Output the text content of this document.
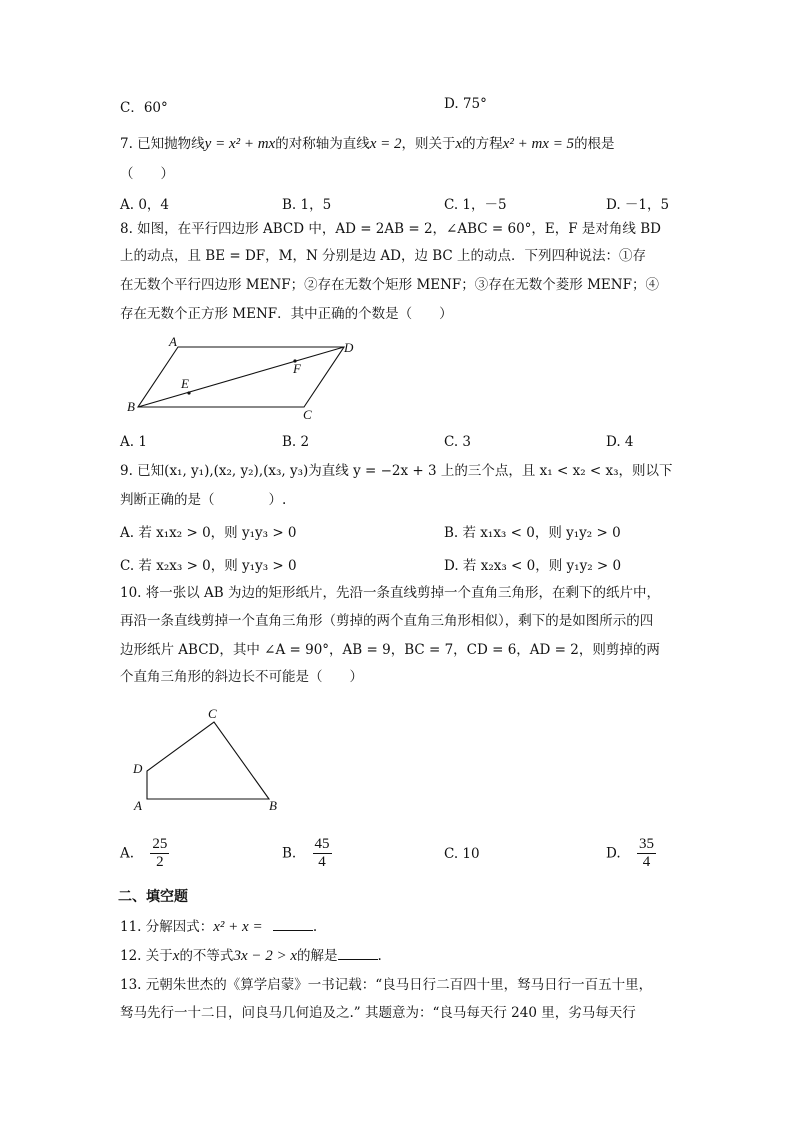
C．60°	D. 75°
7. 已知抛物线y = x² + mx的对称轴为直线x = 2，则关于x的方程x² + mx = 5的根是
（　　）
A. 0，4	B. 1，5	C. 1，－5	D. －1，5
8. 如图，在平行四边形 ABCD 中，AD = 2AB = 2，∠ABC = 60°，E，F 是对角线 BD
上的动点，且 BE = DF，M，N 分别是边 AD，边 BC 上的动点．下列四种说法：①存
在无数个平行四边形 MENF；②存在无数个矩形 MENF；③存在无数个菱形 MENF；④
存在无数个正方形 MENF．其中正确的个数是（　　）
A	D
B
C
E
F
A. 1	B. 2	C. 3	D. 4
9. 已知(x₁, y₁),(x₂, y₂),(x₃, y₃)为直线 y = −2x + 3 上的三个点，且 x₁ < x₂ < x₃，则以下
判断正确的是（　　　　）.
A. 若 x₁x₂ > 0，则 y₁y₃ > 0	B. 若 x₁x₃ < 0，则 y₁y₂ > 0
C. 若 x₂x₃ > 0，则 y₁y₃ > 0	D. 若 x₂x₃ < 0，则 y₁y₂ > 0
10. 将一张以 AB 为边的矩形纸片，先沿一条直线剪掉一个直角三角形，在剩下的纸片中，
再沿一条直线剪掉一个直角三角形（剪掉的两个直角三角形相似），剩下的是如图所示的四
边形纸片 ABCD，其中 ∠A = 90°，AB = 9，BC = 7，CD = 6，AD = 2，则剪掉的两
个直角三角形的斜边长不可能是（　　）
C
D
A	B
A. $\frac{25}{2}$	B. $\frac{45}{4}$	C. 10	D. $\frac{35}{4}$
二、填空题
11. 分解因式：x² + x =	.
12. 关于x的不等式3x − 2 > x的解是	.
13. 元朝朱世杰的《算学启蒙》一书记载：“良马日行二百四十里，驽马日行一百五十里，
驽马先行一十二日，问良马几何追及之.” 其题意为：“良马每天行 240 里，劣马每天行
